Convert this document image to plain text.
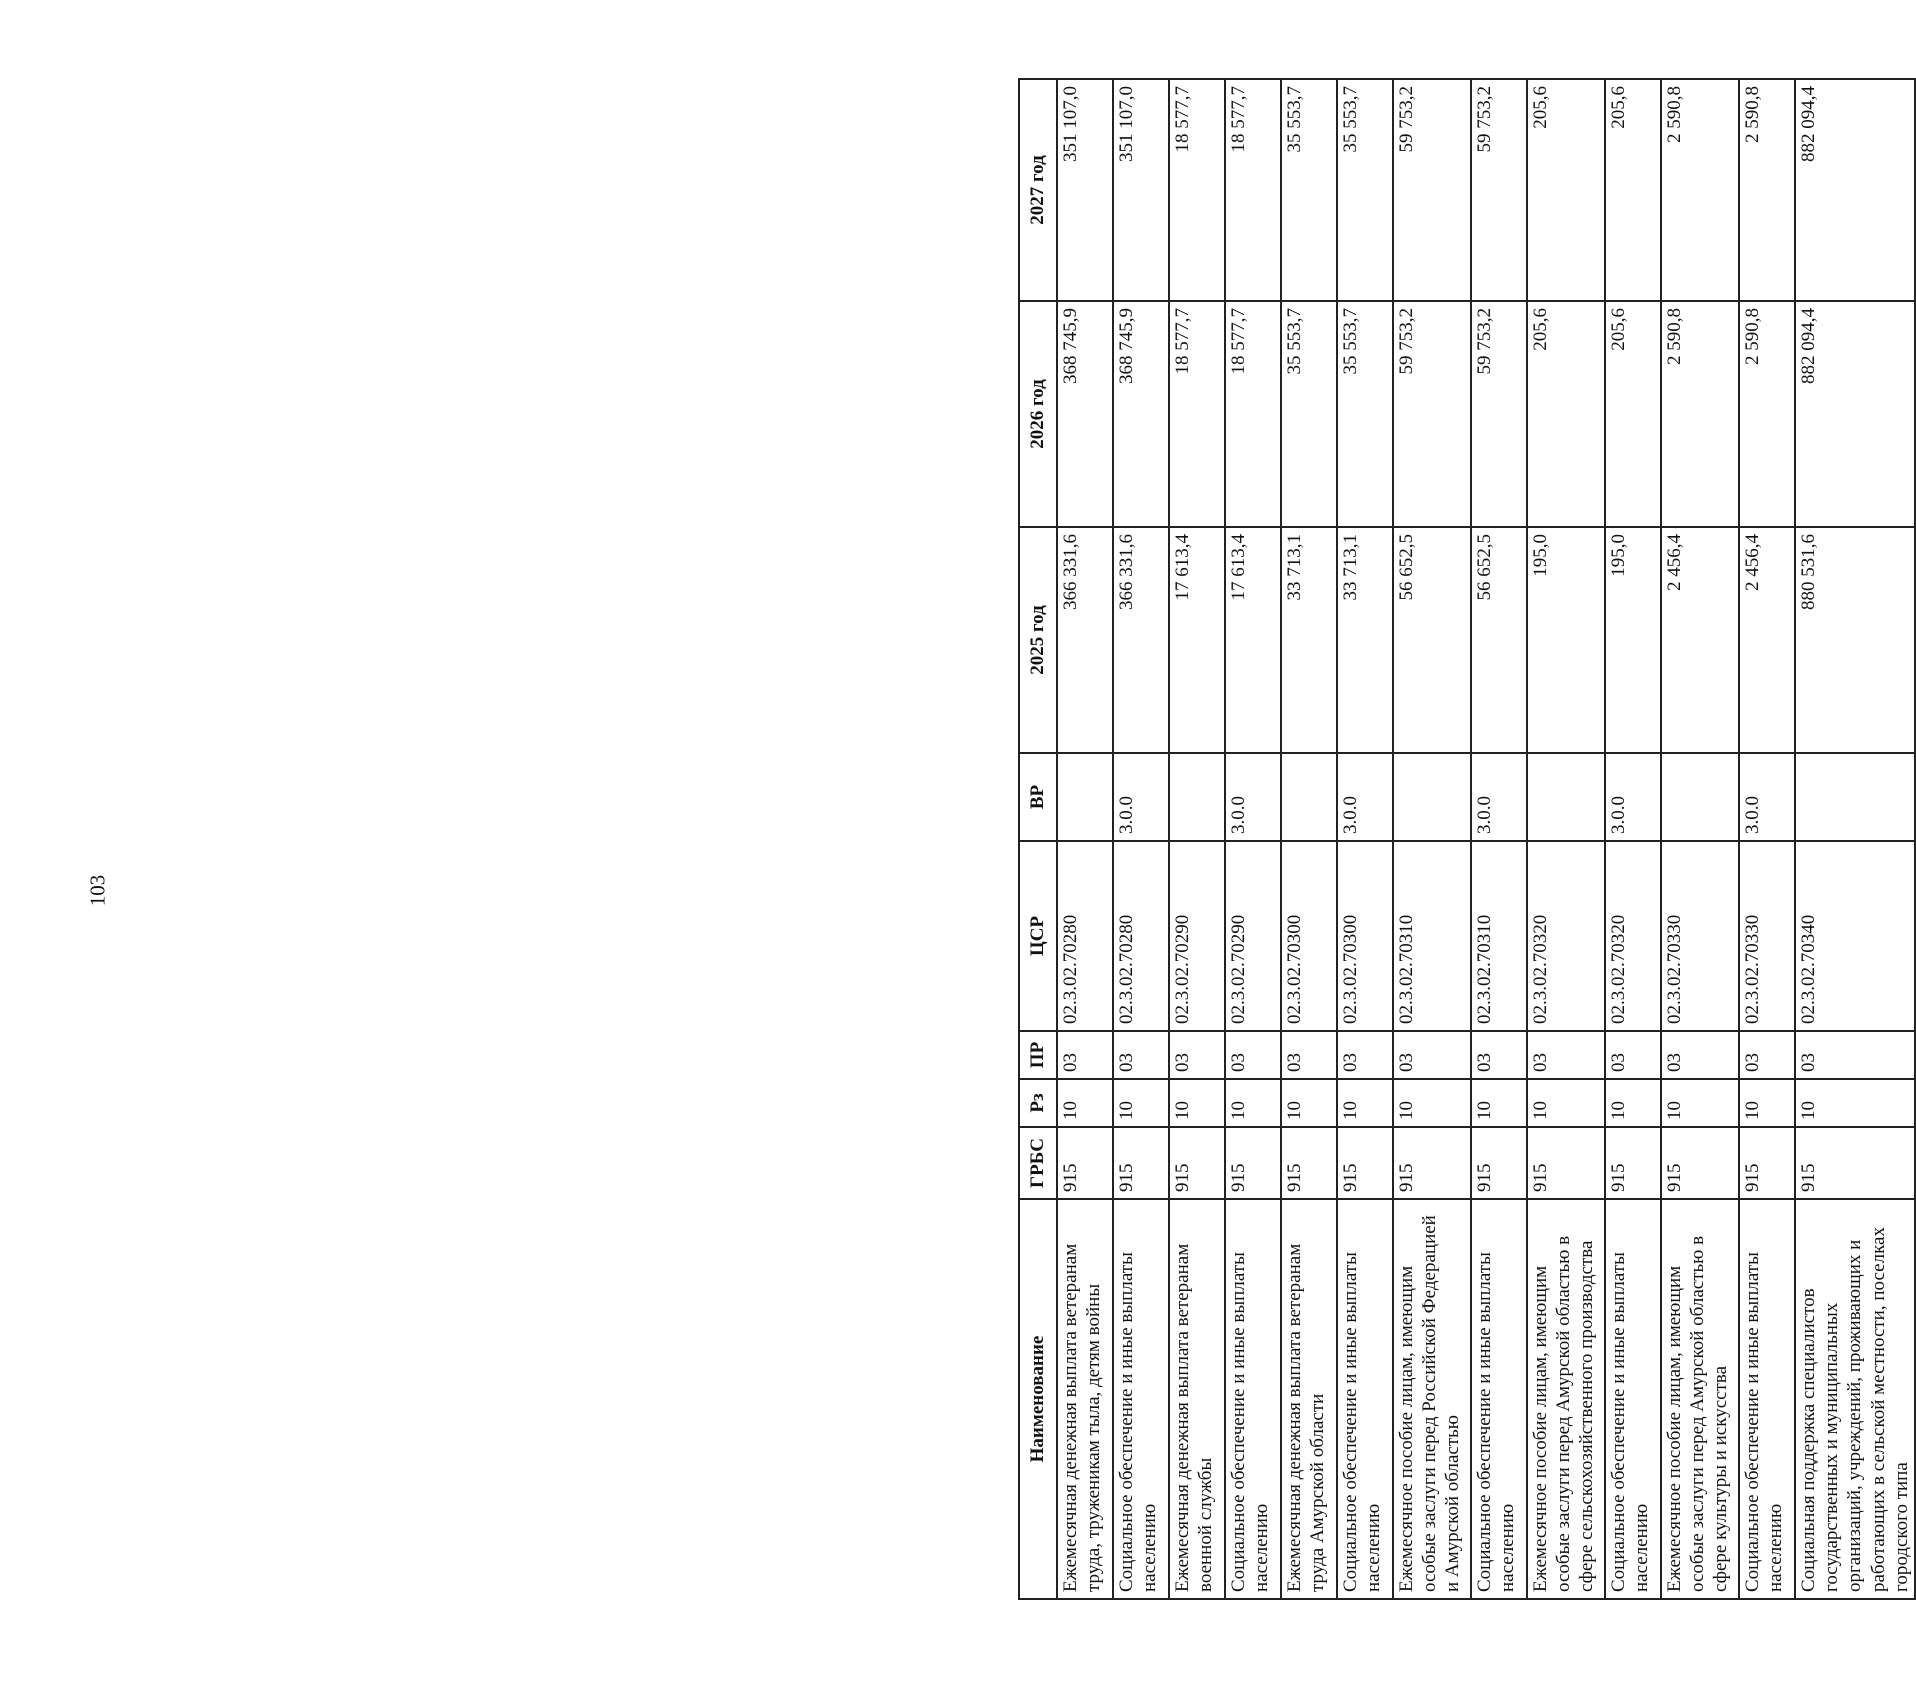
103
Наименование	ГРБС	Рз	ПР	ЦСР	ВР	2025 год	2026 год	2027 год
Ежемесячная денежная выплата ветеранам труда, труженикам тыла, детям войны	915	10	03	02.3.02.70280		366 331,6	368 745,9	351 107,0
Социальное обеспечение и иные выплаты населению	915	10	03	02.3.02.70280	3.0.0	366 331,6	368 745,9	351 107,0
Ежемесячная денежная выплата ветеранам военной службы	915	10	03	02.3.02.70290		17 613,4	18 577,7	18 577,7
Социальное обеспечение и иные выплаты населению	915	10	03	02.3.02.70290	3.0.0	17 613,4	18 577,7	18 577,7
Ежемесячная денежная выплата ветеранам труда Амурской области	915	10	03	02.3.02.70300		33 713,1	35 553,7	35 553,7
Социальное обеспечение и иные выплаты населению	915	10	03	02.3.02.70300	3.0.0	33 713,1	35 553,7	35 553,7
Ежемесячное пособие лицам, имеющим особые заслуги перед Российской Федерацией и Амурской областью	915	10	03	02.3.02.70310		56 652,5	59 753,2	59 753,2
Социальное обеспечение и иные выплаты населению	915	10	03	02.3.02.70310	3.0.0	56 652,5	59 753,2	59 753,2
Ежемесячное пособие лицам, имеющим особые заслуги перед Амурской областью в сфере сельскохозяйственного производства	915	10	03	02.3.02.70320		195,0	205,6	205,6
Социальное обеспечение и иные выплаты населению	915	10	03	02.3.02.70320	3.0.0	195,0	205,6	205,6
Ежемесячное пособие лицам, имеющим особые заслуги перед Амурской областью в сфере культуры и искусства	915	10	03	02.3.02.70330		2 456,4	2 590,8	2 590,8
Социальное обеспечение и иные выплаты населению	915	10	03	02.3.02.70330	3.0.0	2 456,4	2 590,8	2 590,8
Социальная поддержка специалистов государственных и муниципальных организаций, учреждений, проживающих и работающих в сельской местности, поселках городского типа	915	10	03	02.3.02.70340		880 531,6	882 094,4	882 094,4
